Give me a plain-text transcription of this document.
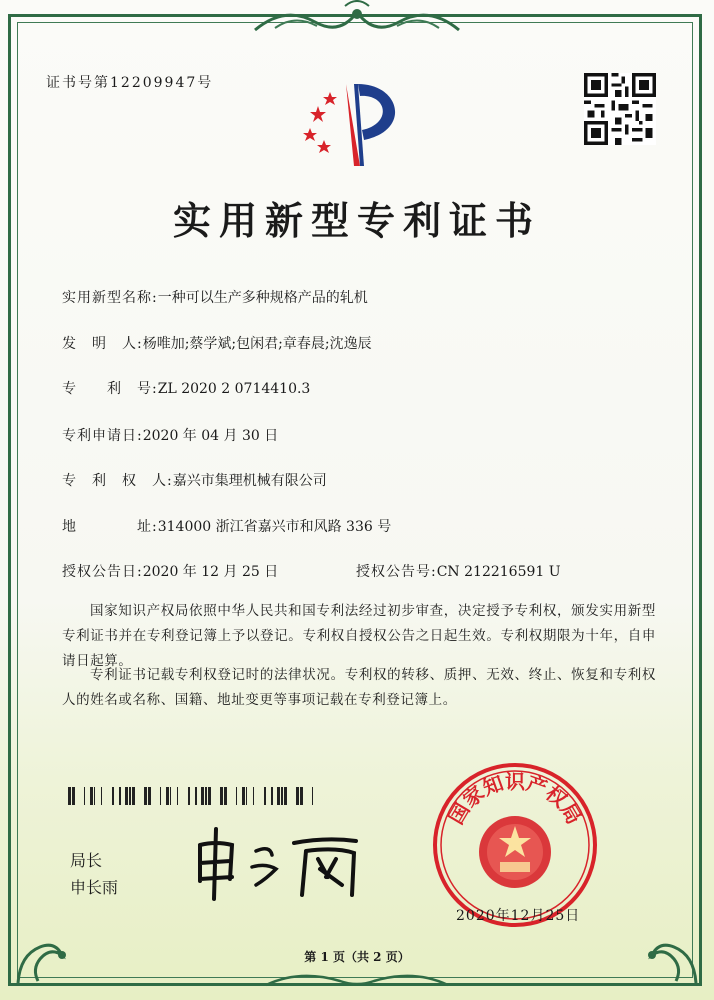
证书号第12209947号
实用新型专利证书
实用新型名称:一种可以生产多种规格产品的轧机
发　明　人:杨唯加;蔡学斌;包闲君;章春晨;沈逸辰
专　　利　号:ZL 2020 2 0714410.3
专利申请日:2020 年 04 月 30 日
专　利　权　人:嘉兴市集理机械有限公司
地　　　　址:314000 浙江省嘉兴市和风路 336 号
授权公告日:2020 年 12 月 25 日	授权公告号:CN 212216591 U
国家知识产权局依照中华人民共和国专利法经过初步审查，决定授予专利权，颁发实用新型专利证书并在专利登记簿上予以登记。专利权自授权公告之日起生效。专利权期限为十年，自申请日起算。
专利证书记载专利权登记时的法律状况。专利权的转移、质押、无效、终止、恢复和专利权人的姓名或名称、国籍、地址变更等事项记载在专利登记簿上。
局长
申长雨
国家知识产权局
2020年12月25日
第 1 页（共 2 页）
